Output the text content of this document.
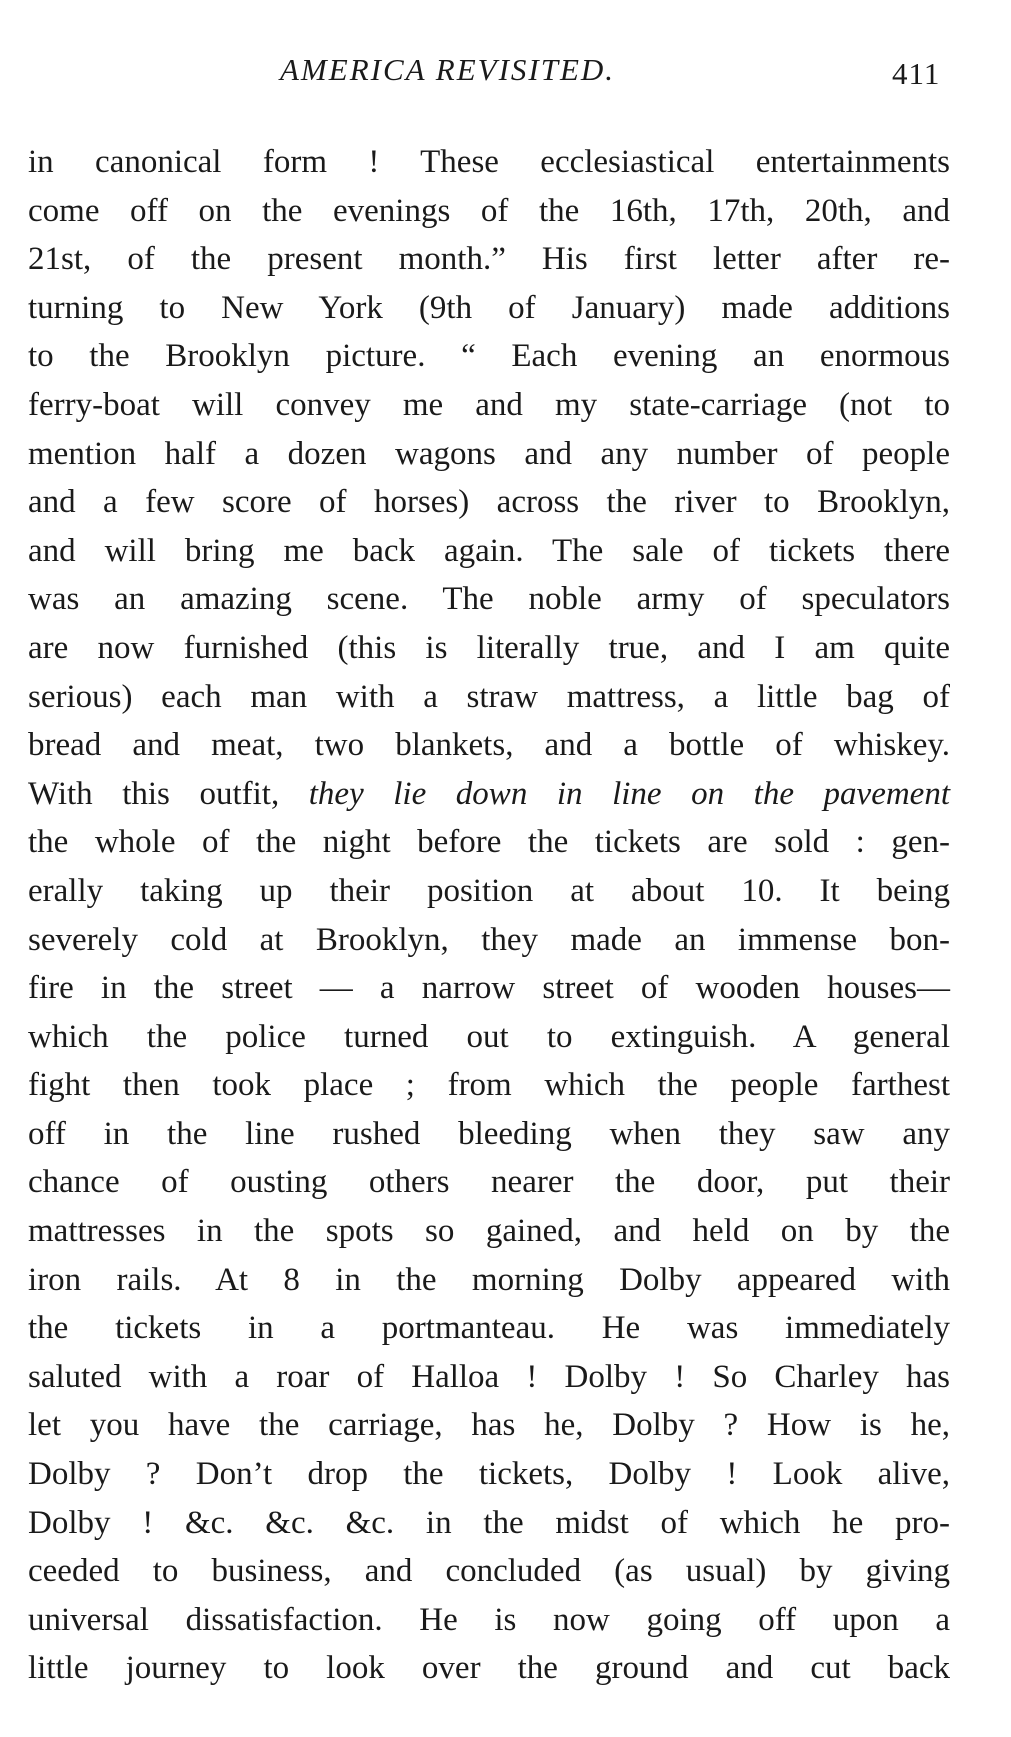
AMERICA REVISITED.	411
in canonical form ! These ecclesiastical entertainments
come off on the evenings of the 16th, 17th, 20th, and
21st, of the present month.” His first letter after re-
turning to New York (9th of January) made additions
to the Brooklyn picture. “ Each evening an enormous
ferry-boat will convey me and my state-carriage (not to
mention half a dozen wagons and any number of people
and a few score of horses) across the river to Brooklyn,
and will bring me back again. The sale of tickets there
was an amazing scene. The noble army of speculators
are now furnished (this is literally true, and I am quite
serious) each man with a straw mattress, a little bag of
bread and meat, two blankets, and a bottle of whiskey.
With this outfit, they lie down in line on the pavement
the whole of the night before the tickets are sold : gen-
erally taking up their position at about 10. It being
severely cold at Brooklyn, they made an immense bon-
fire in the street — a narrow street of wooden houses—
which the police turned out to extinguish. A general
fight then took place ; from which the people farthest
off in the line rushed bleeding when they saw any
chance of ousting others nearer the door, put their
mattresses in the spots so gained, and held on by the
iron rails. At 8 in the morning Dolby appeared with
the tickets in a portmanteau. He was immediately
saluted with a roar of Halloa ! Dolby ! So Charley has
let you have the carriage, has he, Dolby ? How is he,
Dolby ? Don’t drop the tickets, Dolby ! Look alive,
Dolby ! &c. &c. &c. in the midst of which he pro-
ceeded to business, and concluded (as usual) by giving
universal dissatisfaction. He is now going off upon a
little journey to look over the ground and cut back
